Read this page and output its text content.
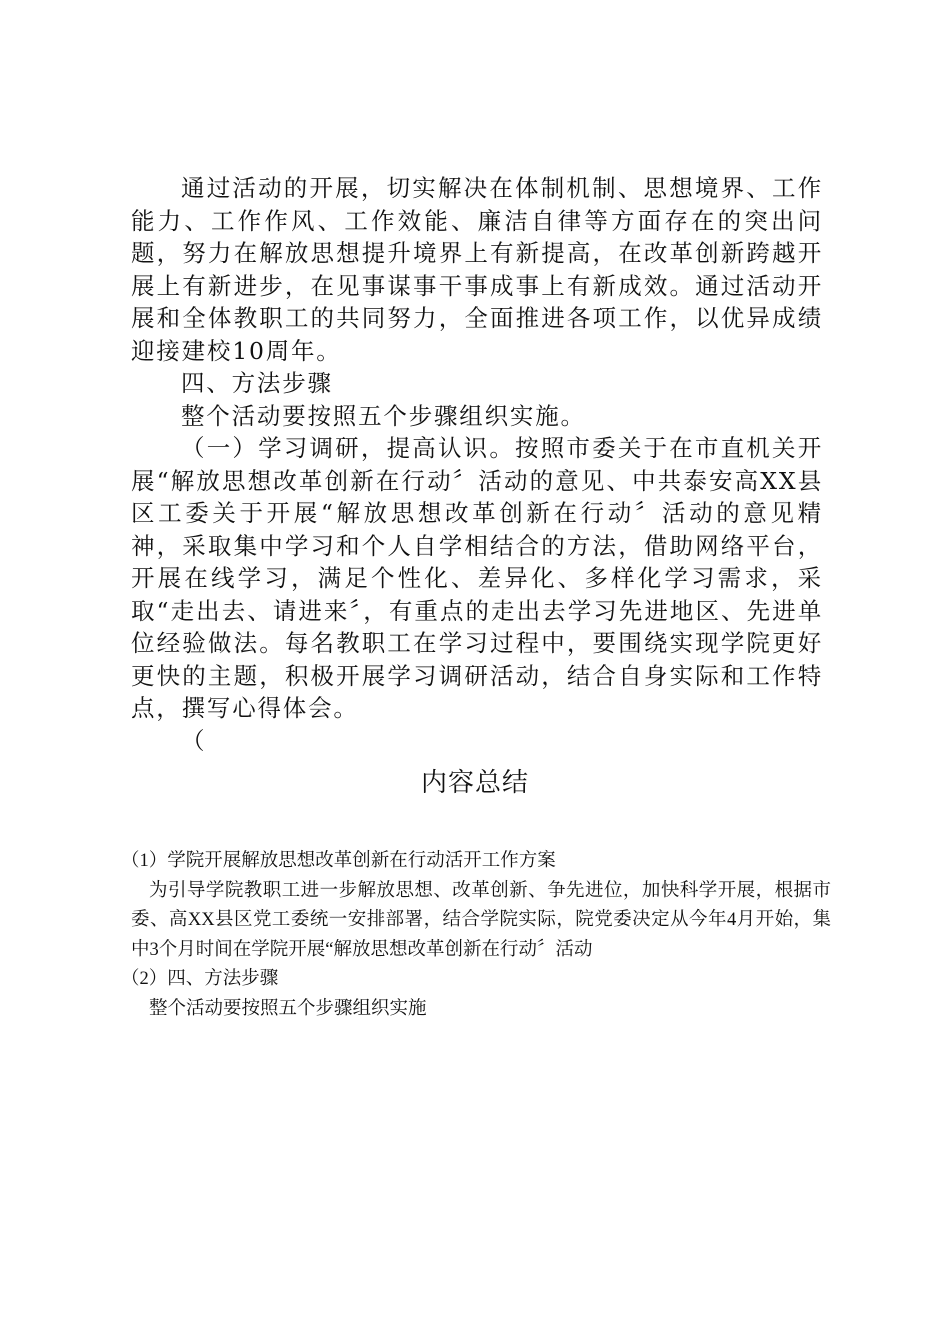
通过活动的开展，切实解决在体制机制、思想境界、工作能力、工作作风、工作效能、廉洁自律等方面存在的突出问题，努力在解放思想提升境界上有新提高，在改革创新跨越开展上有新进步，在见事谋事干事成事上有新成效。通过活动开展和全体教职工的共同努力，全面推进各项工作，以优异成绩迎接建校10周年。

四、方法步骤

整个活动要按照五个步骤组织实施。

（一）学习调研，提高认识。按照市委关于在市直机关开展“解放思想改革创新在行动〞活动的意见、中共泰安高XX县区工委关于开展“解放思想改革创新在行动〞活动的意见精神，采取集中学习和个人自学相结合的方法，借助网络平台，开展在线学习，满足个性化、差异化、多样化学习需求，采取“走出去、请进来〞，有重点的走出去学习先进地区、先进单位经验做法。每名教职工在学习过程中，要围绕实现学院更好更快的主题，积极开展学习调研活动，结合自身实际和工作特点，撰写心得体会。

（

内容总结

（1）学院开展解放思想改革创新在行动活开工作方案

为引导学院教职工进一步解放思想、改革创新、争先进位，加快科学开展，根据市委、高XX县区党工委统一安排部署，结合学院实际，院党委决定从今年4月开始，集中3个月时间在学院开展“解放思想改革创新在行动〞活动

（2）四、方法步骤

整个活动要按照五个步骤组织实施
